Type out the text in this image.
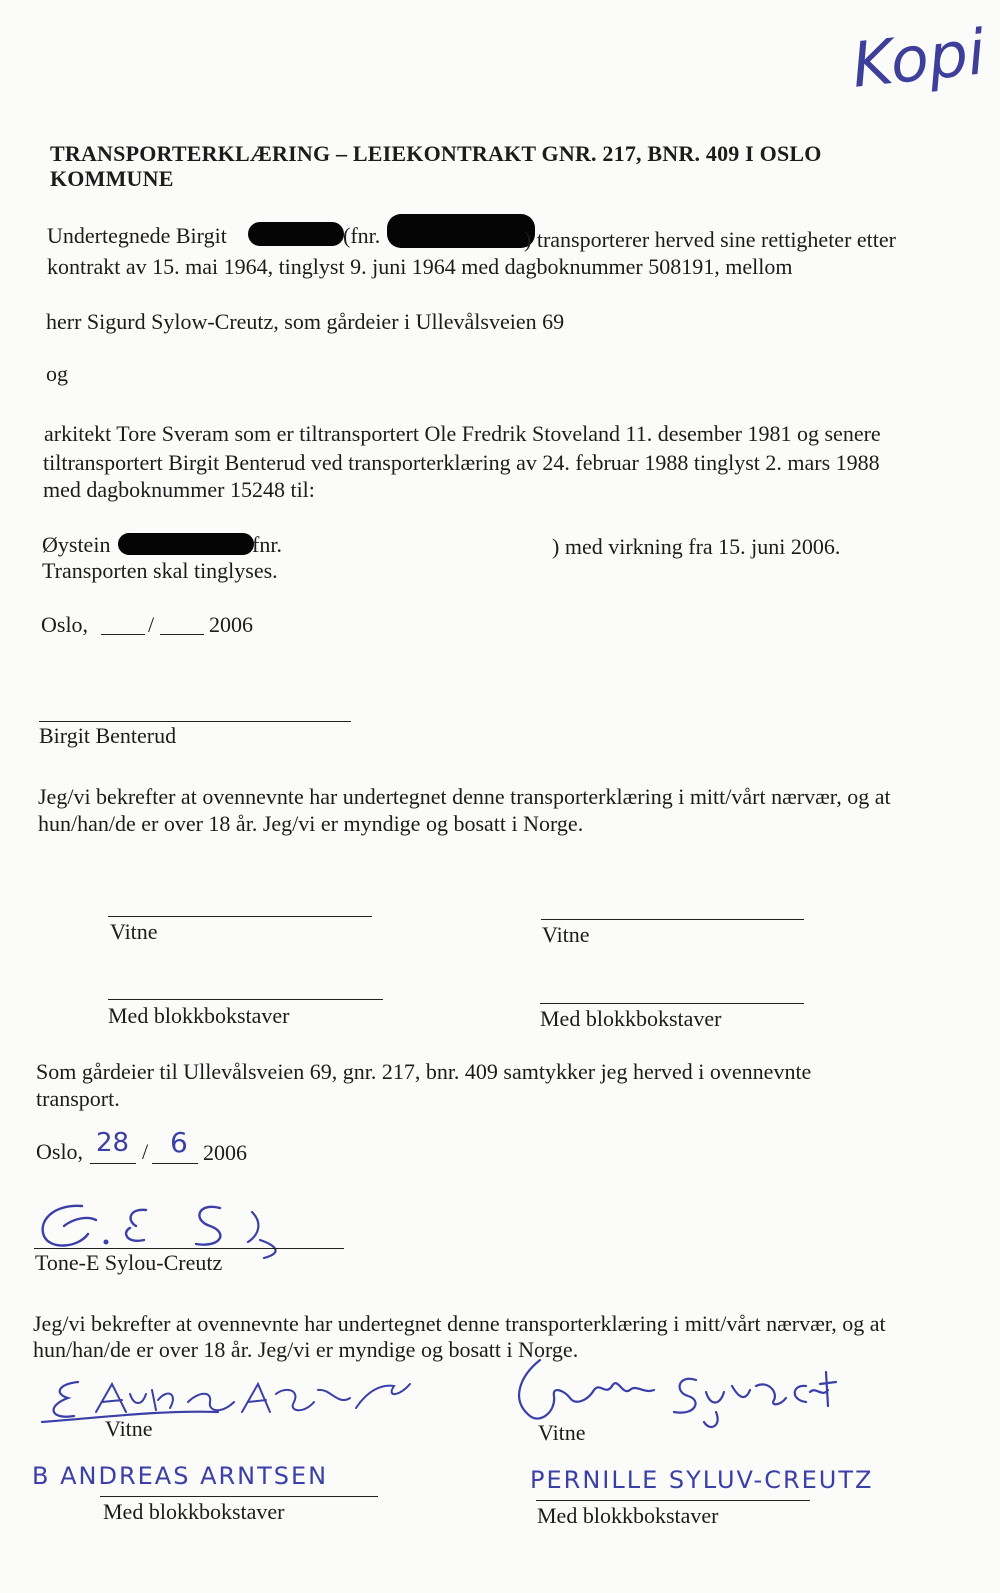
Kopi
TRANSPORTERKLÆRING – LEIEKONTRAKT GNR. 217, BNR. 409 I OSLO
KOMMUNE
Undertegnede Birgit	(fnr.	) transporterer herved sine rettigheter etter
kontrakt av 15. mai 1964, tinglyst 9. juni 1964 med dagboknummer 508191, mellom
herr Sigurd Sylow-Creutz, som gårdeier i Ullevålsveien 69
og
arkitekt Tore Sveram som er tiltransportert Ole Fredrik Stoveland 11. desember 1981 og senere
tiltransportert Birgit Benterud ved transporterklæring av 24. februar 1988 tinglyst 2. mars 1988
med dagboknummer 15248 til:
Øystein	fnr.	) med virkning fra 15. juni 2006.
Transporten skal tinglyses.
Oslo,	/ 2006
Birgit Benterud
Jeg/vi bekrefter at ovennevnte har undertegnet denne transporterklæring i mitt/vårt nærvær, og at
hun/han/de er over 18 år. Jeg/vi er myndige og bosatt i Norge.
Vitne	Vitne
Med blokkbokstaver	Med blokkbokstaver
Som gårdeier til Ullevålsveien 69, gnr. 217, bnr. 409 samtykker jeg herved i ovennevnte
transport.
Oslo, 28 / 6 2006
Tone-E Sylou-Creutz
Jeg/vi bekrefter at ovennevnte har undertegnet denne transporterklæring i mitt/vårt nærvær, og at
hun/han/de er over 18 år. Jeg/vi er myndige og bosatt i Norge.
Vitne
B ANDREAS ARNTSEN
Med blokkbokstaver
Vitne
PERNILLE SYLUV-CREUTZ
Med blokkbokstaver
